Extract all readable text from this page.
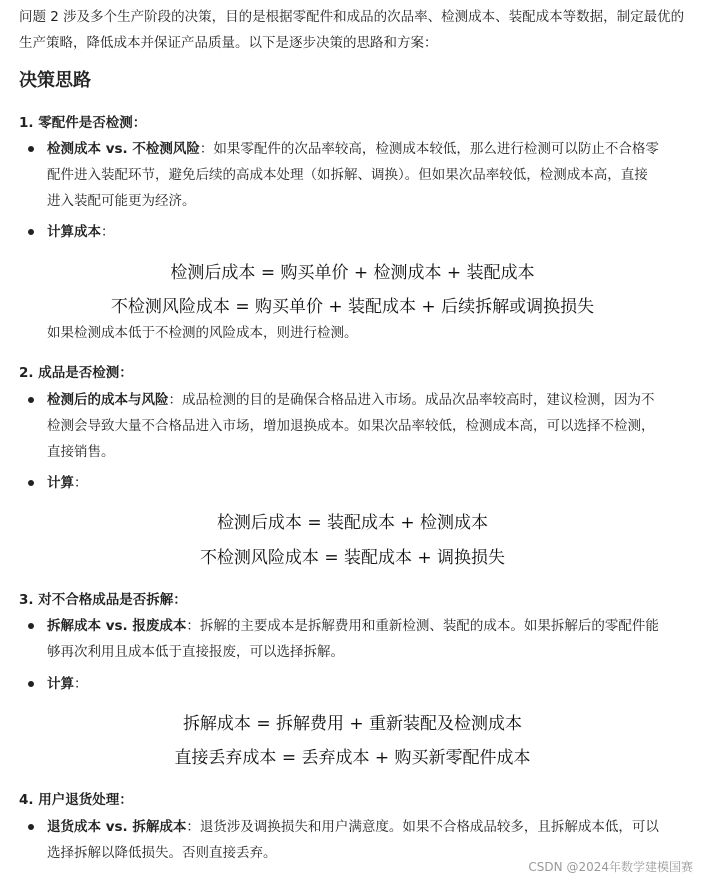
问题 2 涉及多个生产阶段的决策，目的是根据零配件和成品的次品率、检测成本、装配成本等数据，制定最优的生产策略，降低成本并保证产品质量。以下是逐步决策的思路和方案：
决策思路
1. 零配件是否检测：
检测成本 vs. 不检测风险：如果零配件的次品率较高，检测成本较低，那么进行检测可以防止不合格零配件进入装配环节，避免后续的高成本处理（如拆解、调换）。但如果次品率较低，检测成本高，直接进入装配可能更为经济。
计算成本：
检测后成本 = 购买单价 + 检测成本 + 装配成本
不检测风险成本 = 购买单价 + 装配成本 + 后续拆解或调换损失
如果检测成本低于不检测的风险成本，则进行检测。
2. 成品是否检测：
检测后的成本与风险：成品检测的目的是确保合格品进入市场。成品次品率较高时，建议检测，因为不检测会导致大量不合格品进入市场，增加退换成本。如果次品率较低，检测成本高，可以选择不检测，直接销售。
计算：
检测后成本 = 装配成本 + 检测成本
不检测风险成本 = 装配成本 + 调换损失
3. 对不合格成品是否拆解：
拆解成本 vs. 报废成本：拆解的主要成本是拆解费用和重新检测、装配的成本。如果拆解后的零配件能够再次利用且成本低于直接报废，可以选择拆解。
计算：
拆解成本 = 拆解费用 + 重新装配及检测成本
直接丢弃成本 = 丢弃成本 + 购买新零配件成本
4. 用户退货处理：
退货成本 vs. 拆解成本：退货涉及调换损失和用户满意度。如果不合格成品较多，且拆解成本低，可以选择拆解以降低损失。否则直接丢弃。
CSDN @2024年数学建模国赛
